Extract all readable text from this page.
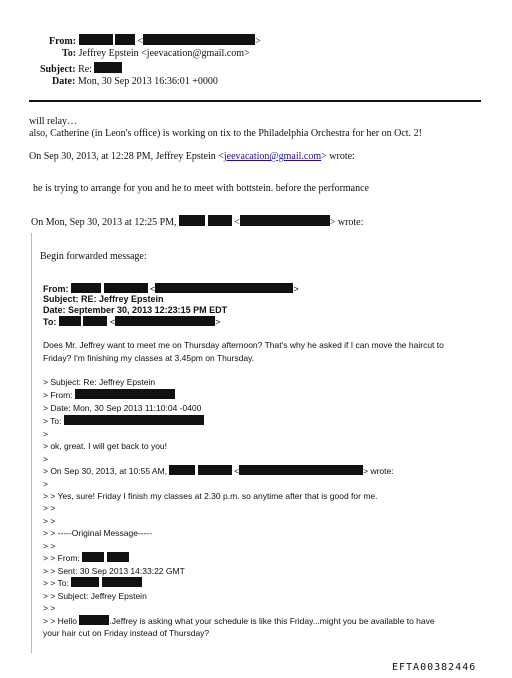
From:	<	>
To: Jeffrey Epstein <jeevacation@gmail.com>
Subject: Re:
Date: Mon, 30 Sep 2013 16:36:01 +0000
will relay…
also, Catherine (in Leon's office) is working on tix to the Philadelphia Orchestra for her on Oct. 2!
On Sep 30, 2013, at 12:28 PM, Jeffrey Epstein <jeevacation@gmail.com> wrote:
he is trying to arrange for you and he to meet with bottstein. before the performance
On Mon, Sep 30, 2013 at 12:25 PM,	<	> wrote:
Begin forwarded message:
From:	<	>
Subject: RE: Jeffrey Epstein
Date: September 30, 2013 12:23:15 PM EDT
To:	<	>
Does Mr. Jeffrey want to meet me on Thursday afternoon? That's why he asked if I can move the haircut to
Friday? I'm finishing my classes at 3.45pm on Thursday.
> Subject: Re: Jeffrey Epstein
> From:
> Date: Mon, 30 Sep 2013 11:10:04 -0400
> To:
>
> ok, great. I will get back to you!
>
> On Sep 30, 2013, at 10:55 AM,	<	> wrote:
>
> > Yes, sure! Friday I finish my classes at 2.30 p.m. so anytime after that is good for me.
> >
> >
> > -----Original Message-----
> >
> > From:
> > Sent: 30 Sep 2013 14:33:22 GMT
> > To:
> > Subject: Jeffrey Epstein
> >
> > Hello	.Jeffrey is asking what your schedule is like this Friday...might you be available to have
your hair cut on Friday instead of Thursday?
EFTA00382446
